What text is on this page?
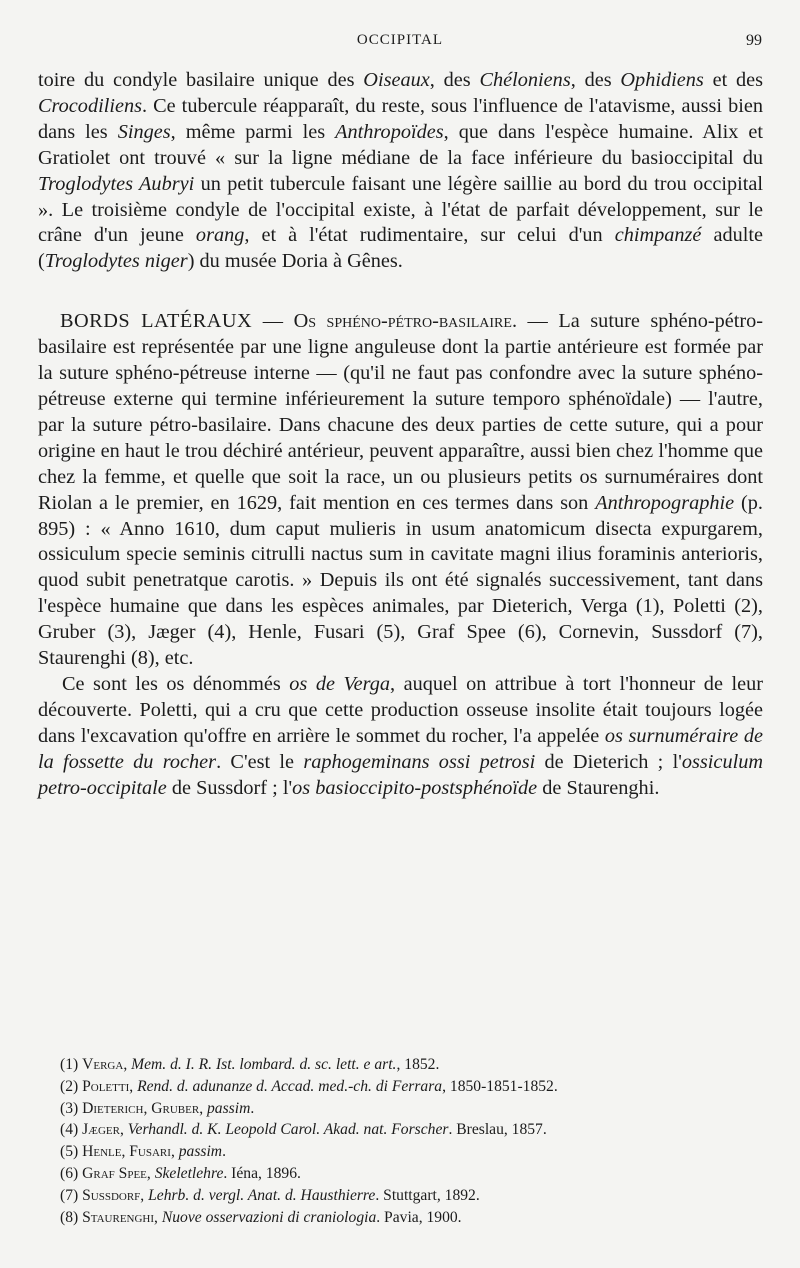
OCCIPITAL	99

toire du condyle basilaire unique des Oiseaux, des Chéloniens, des Ophidiens et des Crocodiliens. Ce tubercule réapparaît, du reste, sous l'influence de l'atavisme, aussi bien dans les Singes, même parmi les Anthropoïdes, que dans l'espèce humaine. Alix et Gratiolet ont trouvé « sur la ligne médiane de la face inférieure du basioccipital du Troglodytes Aubryi un petit tubercule faisant une légère saillie au bord du trou occipital ». Le troisième condyle de l'occipital existe, à l'état de parfait développement, sur le crâne d'un jeune orang, et à l'état rudimentaire, sur celui d'un chimpanzé adulte (Troglodytes niger) du musée Doria à Gênes.

BORDS LATÉRAUX — Os sphéno-pétro-basilaire. — La suture sphéno-pétro-basilaire est représentée par une ligne anguleuse dont la partie antérieure est formée par la suture sphéno-pétreuse interne — (qu'il ne faut pas confondre avec la suture sphéno-pétreuse externe qui termine inférieurement la suture temporo sphénoïdale) — l'autre, par la suture pétro-basilaire. Dans chacune des deux parties de cette suture, qui a pour origine en haut le trou déchiré antérieur, peuvent apparaître, aussi bien chez l'homme que chez la femme, et quelle que soit la race, un ou plusieurs petits os surnuméraires dont Riolan a le premier, en 1629, fait mention en ces termes dans son Anthropographie (p. 895) : « Anno 1610, dum caput mulieris in usum anatomicum disecta expurgarem, ossiculum specie seminis citrulli nactus sum in cavitate magni ilius foraminis anterioris, quod subit penetratque carotis. » Depuis ils ont été signalés successivement, tant dans l'espèce humaine que dans les espèces animales, par Dieterich, Verga (1), Poletti (2), Gruber (3), Jæger (4), Henle, Fusari (5), Graf Spee (6), Cornevin, Sussdorf (7), Staurenghi (8), etc.

Ce sont les os dénommés os de Verga, auquel on attribue à tort l'honneur de leur découverte. Poletti, qui a cru que cette production osseuse insolite était toujours logée dans l'excavation qu'offre en arrière le sommet du rocher, l'a appelée os surnuméraire de la fossette du rocher. C'est le raphogeminans ossi petrosi de Dieterich ; l'ossiculum petro-occipitale de Sussdorf ; l'os basioccipito-postsphénoïde de Staurenghi.

(1) Verga, Mem. d. I. R. Ist. lombard. d. sc. lett. e art., 1852.

(2) Poletti, Rend. d. adunanze d. Accad. med.-ch. di Ferrara, 1850-1851-1852.

(3) Dieterich, Gruber, passim.

(4) Jæger, Verhandl. d. K. Leopold Carol. Akad. nat. Forscher. Breslau, 1857.

(5) Henle, Fusari, passim.

(6) Graf Spee, Skeletlehre. Iéna, 1896.

(7) Sussdorf, Lehrb. d. vergl. Anat. d. Hausthierre. Stuttgart, 1892.

(8) Staurenghi, Nuove osservazioni di craniologia. Pavia, 1900.
